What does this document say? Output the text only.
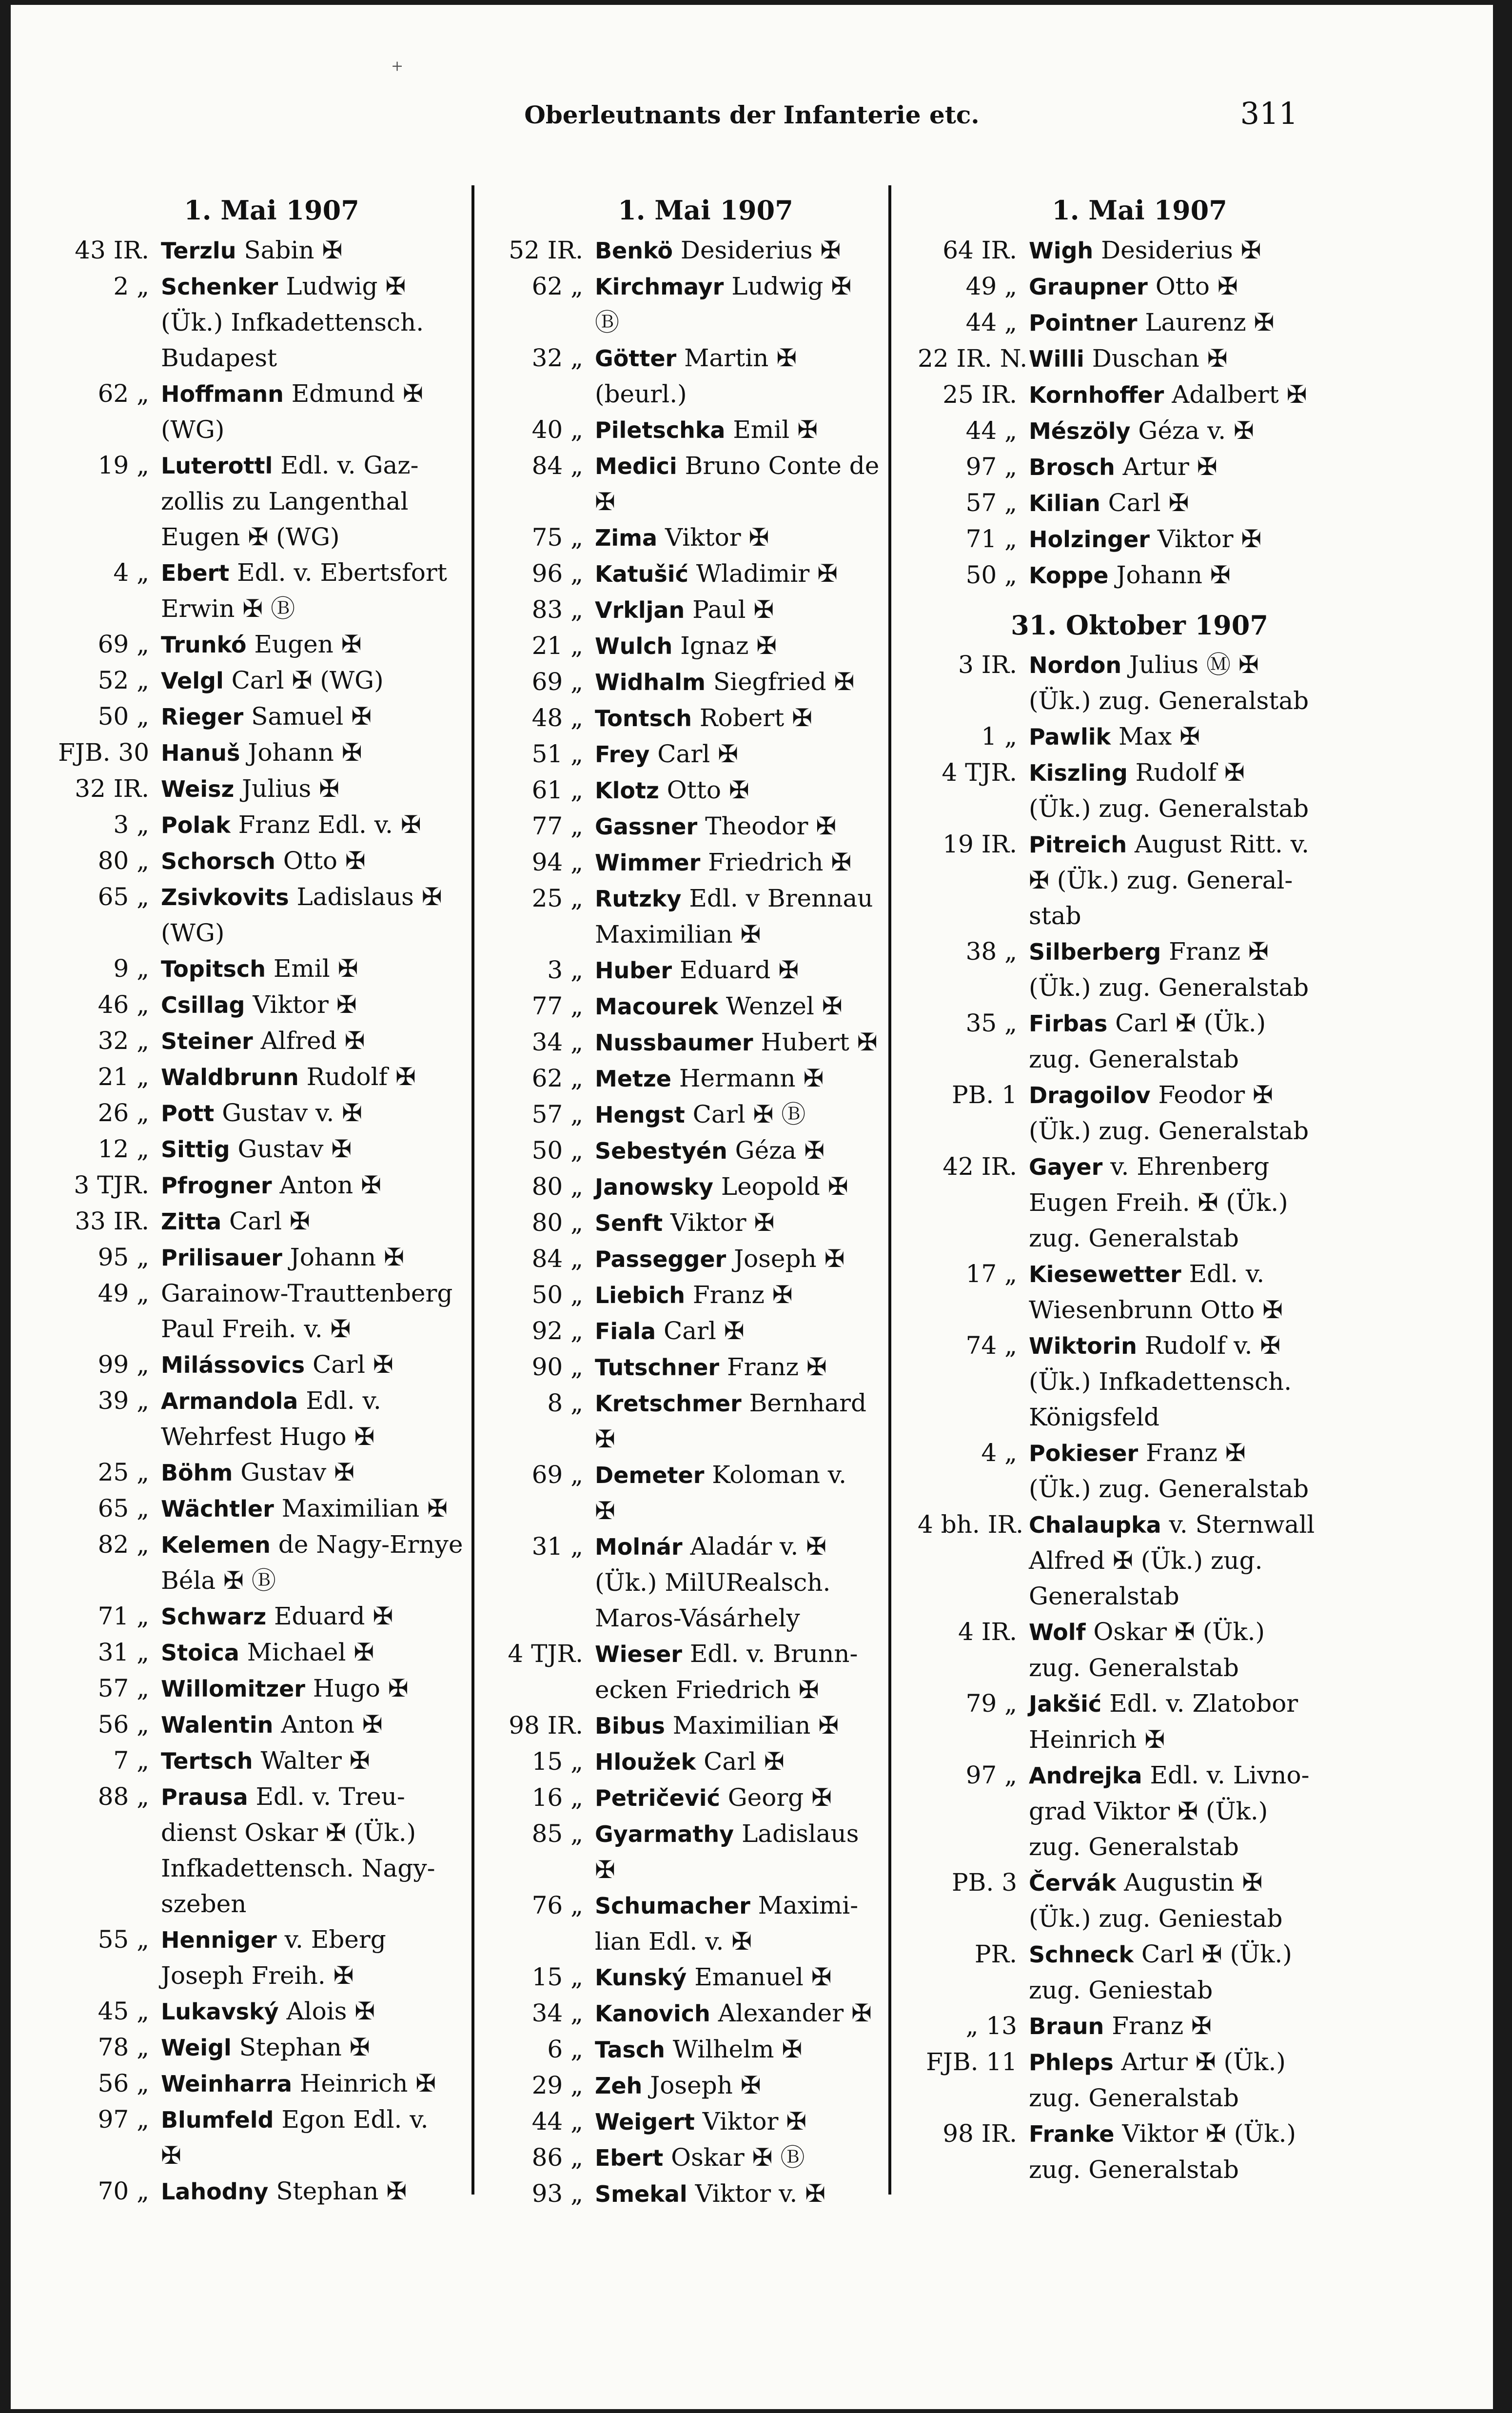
+
Oberleutnants der Infanterie etc.	311
1. Mai 1907
43 IR. Terzlu Sabin ✠
2 „ Schenker Ludwig ✠
(Ük.) Infkadettensch.
Budapest
62 „ Hoffmann Edmund ✠
(WG)
19 „ Luterottl Edl. v. Gaz-
zollis zu Langenthal
Eugen ✠ (WG)
4 „ Ebert Edl. v. Ebertsfort
Erwin ✠ Ⓑ
69 „ Trunkó Eugen ✠
52 „ Velgl Carl ✠ (WG)
50 „ Rieger Samuel ✠
FJB. 30 Hanuš Johann ✠
32 IR. Weisz Julius ✠
3 „ Polak Franz Edl. v. ✠
80 „ Schorsch Otto ✠
65 „ Zsivkovits Ladislaus ✠
(WG)
9 „ Topitsch Emil ✠
46 „ Csillag Viktor ✠
32 „ Steiner Alfred ✠
21 „ Waldbrunn Rudolf ✠
26 „ Pott Gustav v. ✠
12 „ Sittig Gustav ✠
3 TJR. Pfrogner Anton ✠
33 IR. Zitta Carl ✠
95 „ Prilisauer Johann ✠
49 „ Garainow-Trauttenberg
Paul Freih. v. ✠
99 „ Milássovics Carl ✠
39 „ Armandola Edl. v.
Wehrfest Hugo ✠
25 „ Böhm Gustav ✠
65 „ Wächtler Maximilian ✠
82 „ Kelemen de Nagy-Ernye
Béla ✠ Ⓑ
71 „ Schwarz Eduard ✠
31 „ Stoica Michael ✠
57 „ Willomitzer Hugo ✠
56 „ Walentin Anton ✠
7 „ Tertsch Walter ✠
88 „ Prausa Edl. v. Treu-
dienst Oskar ✠ (Ük.)
Infkadettensch. Nagy-
szeben
55 „ Henniger v. Eberg
Joseph Freih. ✠
45 „ Lukavský Alois ✠
78 „ Weigl Stephan ✠
56 „ Weinharra Heinrich ✠
97 „ Blumfeld Egon Edl. v.
✠
70 „ Lahodny Stephan ✠
1. Mai 1907
52 IR. Benkö Desiderius ✠
62 „ Kirchmayr Ludwig ✠
Ⓑ
32 „ Götter Martin ✠
(beurl.)
40 „ Piletschka Emil ✠
84 „ Medici Bruno Conte de
✠
75 „ Zima Viktor ✠
96 „ Katušić Wladimir ✠
83 „ Vrkljan Paul ✠
21 „ Wulch Ignaz ✠
69 „ Widhalm Siegfried ✠
48 „ Tontsch Robert ✠
51 „ Frey Carl ✠
61 „ Klotz Otto ✠
77 „ Gassner Theodor ✠
94 „ Wimmer Friedrich ✠
25 „ Rutzky Edl. v Brennau
Maximilian ✠
3 „ Huber Eduard ✠
77 „ Macourek Wenzel ✠
34 „ Nussbaumer Hubert ✠
62 „ Metze Hermann ✠
57 „ Hengst Carl ✠ Ⓑ
50 „ Sebestyén Géza ✠
80 „ Janowsky Leopold ✠
80 „ Senft Viktor ✠
84 „ Passegger Joseph ✠
50 „ Liebich Franz ✠
92 „ Fiala Carl ✠
90 „ Tutschner Franz ✠
8 „ Kretschmer Bernhard
✠
69 „ Demeter Koloman v.
✠
31 „ Molnár Aladár v. ✠
(Ük.) MilURealsch.
Maros-Vásárhely
4 TJR. Wieser Edl. v. Brunn-
ecken Friedrich ✠
98 IR. Bibus Maximilian ✠
15 „ Hloužek Carl ✠
16 „ Petričević Georg ✠
85 „ Gyarmathy Ladislaus
✠
76 „ Schumacher Maximi-
lian Edl. v. ✠
15 „ Kunský Emanuel ✠
34 „ Kanovich Alexander ✠
6 „ Tasch Wilhelm ✠
29 „ Zeh Joseph ✠
44 „ Weigert Viktor ✠
86 „ Ebert Oskar ✠ Ⓑ
93 „ Smekal Viktor v. ✠
1. Mai 1907
64 IR. Wigh Desiderius ✠
49 „ Graupner Otto ✠
44 „ Pointner Laurenz ✠
22 IR. N. Willi Duschan ✠
25 IR. Kornhoffer Adalbert ✠
44 „ Mészöly Géza v. ✠
97 „ Brosch Artur ✠
57 „ Kilian Carl ✠
71 „ Holzinger Viktor ✠
50 „ Koppe Johann ✠
31. Oktober 1907
3 IR. Nordon Julius Ⓜ ✠
(Ük.) zug. Generalstab
1 „ Pawlik Max ✠
4 TJR. Kiszling Rudolf ✠
(Ük.) zug. Generalstab
19 IR. Pitreich August Ritt. v.
✠ (Ük.) zug. General-
stab
38 „ Silberberg Franz ✠
(Ük.) zug. Generalstab
35 „ Firbas Carl ✠ (Ük.)
zug. Generalstab
PB. 1 Dragoilov Feodor ✠
(Ük.) zug. Generalstab
42 IR. Gayer v. Ehrenberg
Eugen Freih. ✠ (Ük.)
zug. Generalstab
17 „ Kiesewetter Edl. v.
Wiesenbrunn Otto ✠
74 „ Wiktorin Rudolf v. ✠
(Ük.) Infkadettensch.
Königsfeld
4 „ Pokieser Franz ✠
(Ük.) zug. Generalstab
4 bh. IR. Chalaupka v. Sternwall
Alfred ✠ (Ük.) zug.
Generalstab
4 IR. Wolf Oskar ✠ (Ük.)
zug. Generalstab
79 „ Jakšić Edl. v. Zlatobor
Heinrich ✠
97 „ Andrejka Edl. v. Livno-
grad Viktor ✠ (Ük.)
zug. Generalstab
PB. 3 Červák Augustin ✠
(Ük.) zug. Geniestab
PR. Schneck Carl ✠ (Ük.)
zug. Geniestab
„ 13 Braun Franz ✠
FJB. 11 Phleps Artur ✠ (Ük.)
zug. Generalstab
98 IR. Franke Viktor ✠ (Ük.)
zug. Generalstab
